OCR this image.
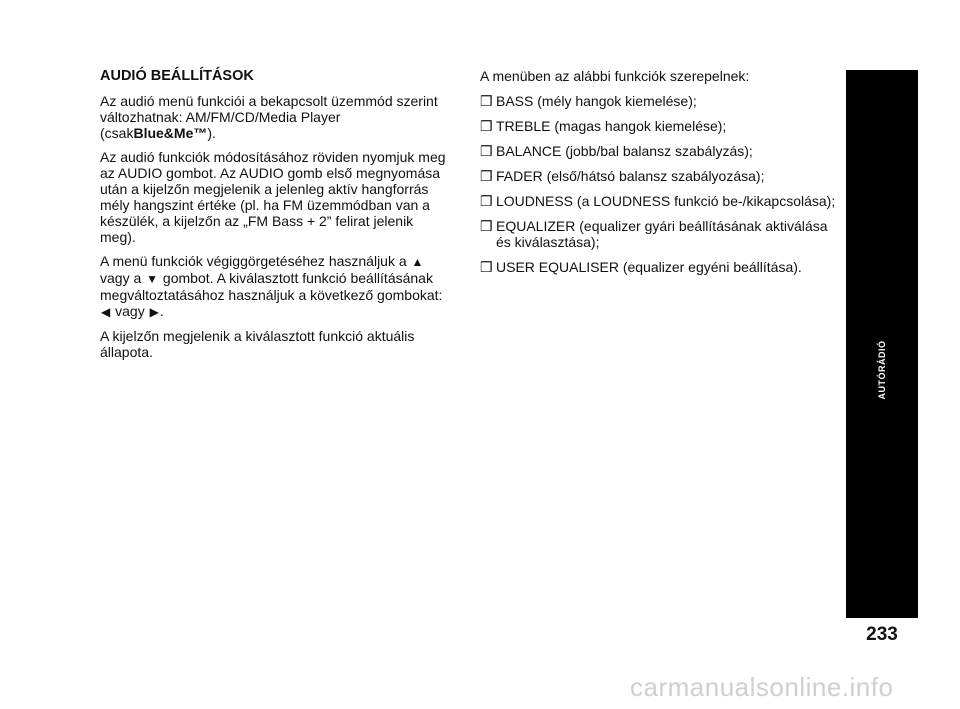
AUDIÓ BEÁLLÍTÁSOK

Az audió menü funkciói a bekapcsolt üzemmód szerint változhatnak: AM/FM/CD/Media Player (csakBlue&Me™).

Az audió funkciók módosításához röviden nyomjuk meg az AUDIO gombot. Az AUDIO gomb első megnyomása után a kijelzőn megjelenik a jelenleg aktív hangforrás mély hangszint értéke (pl. ha FM üzemmódban van a készülék, a kijelzőn az „FM Bass + 2” felirat jelenik meg).

A menü funkciók végiggörgetéséhez használjuk a ▲ vagy a ▼ gombot. A kiválasztott funkció beállításának megváltoztatásához használjuk a következő gombokat: ◀ vagy ▶.

A kijelzőn megjelenik a kiválasztott funkció aktuális állapota.

A menüben az alábbi funkciók szerepelnek:

❒ BASS (mély hangok kiemelése);
❒ TREBLE (magas hangok kiemelése);
❒ BALANCE (jobb/bal balansz szabályzás);
❒ FADER (első/hátsó balansz szabályozása);
❒ LOUDNESS (a LOUDNESS funkció be-/kikapcsolása);
❒ EQUALIZER (equalizer gyári beállításának aktiválása és kiválasztása);
❒ USER EQUALISER (equalizer egyéni beállítása).
AUTÓRÁDIÓ
233
carmanualsonline.info
